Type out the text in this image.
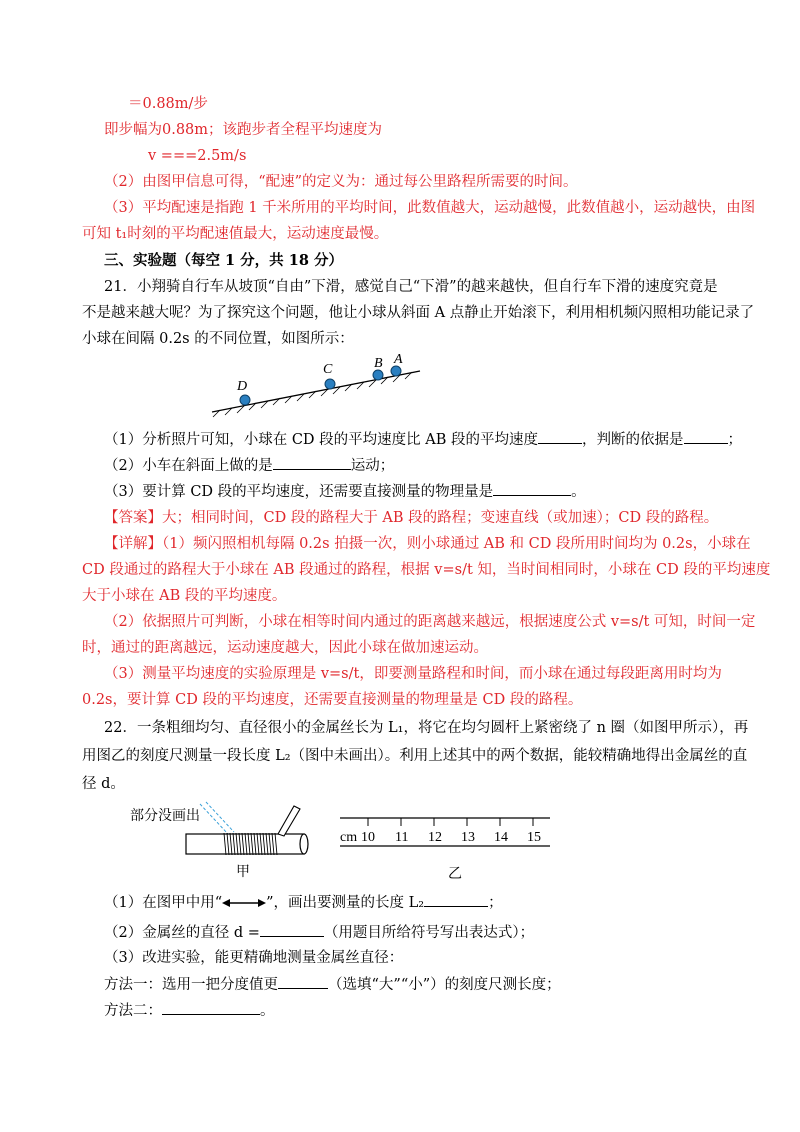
＝0.88m/步
即步幅为0.88m；该跑步者全程平均速度为
v ===2.5m/s
（2）由图甲信息可得，“配速”的定义为：通过每公里路程所需要的时间。
（3）平均配速是指跑 1 千米所用的平均时间，此数值越大，运动越慢，此数值越小，运动越快，由图
可知 t₁时刻的平均配速值最大，运动速度最慢。
三、实验题（每空 1 分，共 18 分）
21．小翔骑自行车从坡顶“自由”下滑，感觉自己“下滑”的越来越快，但自行车下滑的速度究竟是
不是越来越大呢？为了探究这个问题，他让小球从斜面 A 点静止开始滚下，利用相机频闪照相功能记录了
小球在间隔 0.2s 的不同位置，如图所示：
D
C	B A
（1）分析照片可知，小球在 CD 段的平均速度比 AB 段的平均速度	，判断的依据是	；
（2）小车在斜面上做的是	运动；
（3）要计算 CD 段的平均速度，还需要直接测量的物理量是	。
【答案】大；相同时间，CD 段的路程大于 AB 段的路程；变速直线（或加速）；CD 段的路程。
【详解】（1）频闪照相机每隔 0.2s 拍摄一次，则小球通过 AB 和 CD 段所用时间均为 0.2s，小球在
CD 段通过的路程大于小球在 AB 段通过的路程，根据 v=s/t 知，当时间相同时，小球在 CD 段的平均速度
大于小球在 AB 段的平均速度。
（2）依据照片可判断，小球在相等时间内通过的距离越来越远，根据速度公式 v=s/t 可知，时间一定
时，通过的距离越远，运动速度越大，因此小球在做加速运动。
（3）测量平均速度的实验原理是 v=s/t，即要测量路程和时间，而小球在通过每段距离用时均为
0.2s，要计算 CD 段的平均速度，还需要直接测量的物理量是 CD 段的路程。
22．一条粗细均匀、直径很小的金属丝长为 L₁，将它在均匀圆杆上紧密绕了 n 圈（如图甲所示），再
用图乙的刻度尺测量一段长度 L₂（图中未画出）。利用上述其中的两个数据，能较精确地得出金属丝的直
径 d。
部分没画出
甲
cm 10 11 12 13 14 15
乙
（1）在图甲中用“	”，画出要测量的长度 L₂	；
（2）金属丝的直径 d =	（用题目所给符号写出表达式）；
（3）改进实验，能更精确地测量金属丝直径：
方法一：选用一把分度值更	（选填“大”“小”）的刻度尺测长度；
方法二：	。
